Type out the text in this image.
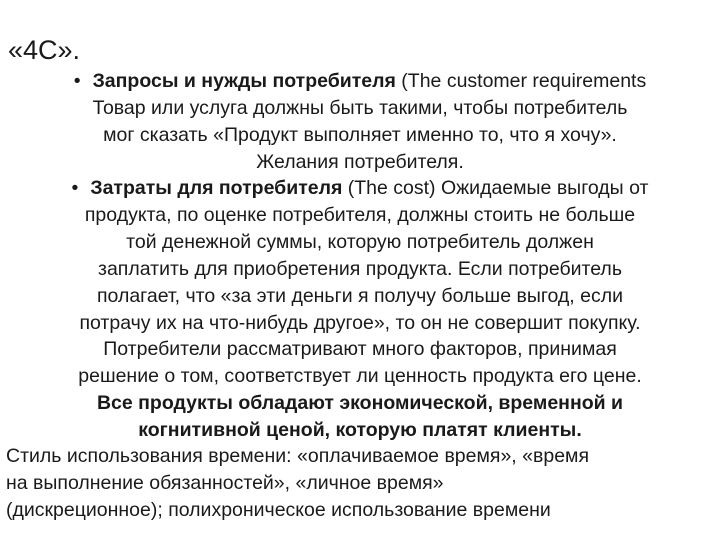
«4С».
• Запросы и нужды потребителя (The customer requirements
Товар или услуга должны быть такими, чтобы потребитель
мог сказать «Продукт выполняет именно то, что я хочу».
Желания потребителя.
• Затраты для потребителя (The cost) Ожидаемые выгоды от
продукта, по оценке потребителя, должны стоить не больше
той денежной суммы, которую потребитель должен
заплатить для приобретения продукта. Если потребитель
полагает, что «за эти деньги я получу больше выгод, если
потрачу их на что-нибудь другое», то он не совершит покупку.
Потребители рассматривают много факторов, принимая
решение о том, соответствует ли ценность продукта его цене.
Все продукты обладают экономической, временной и
когнитивной ценой, которую платят клиенты.
Стиль использования времени: «оплачиваемое время», «время
на выполнение обязанностей», «личное время»
(дискреционное); полихроническое использование времени
